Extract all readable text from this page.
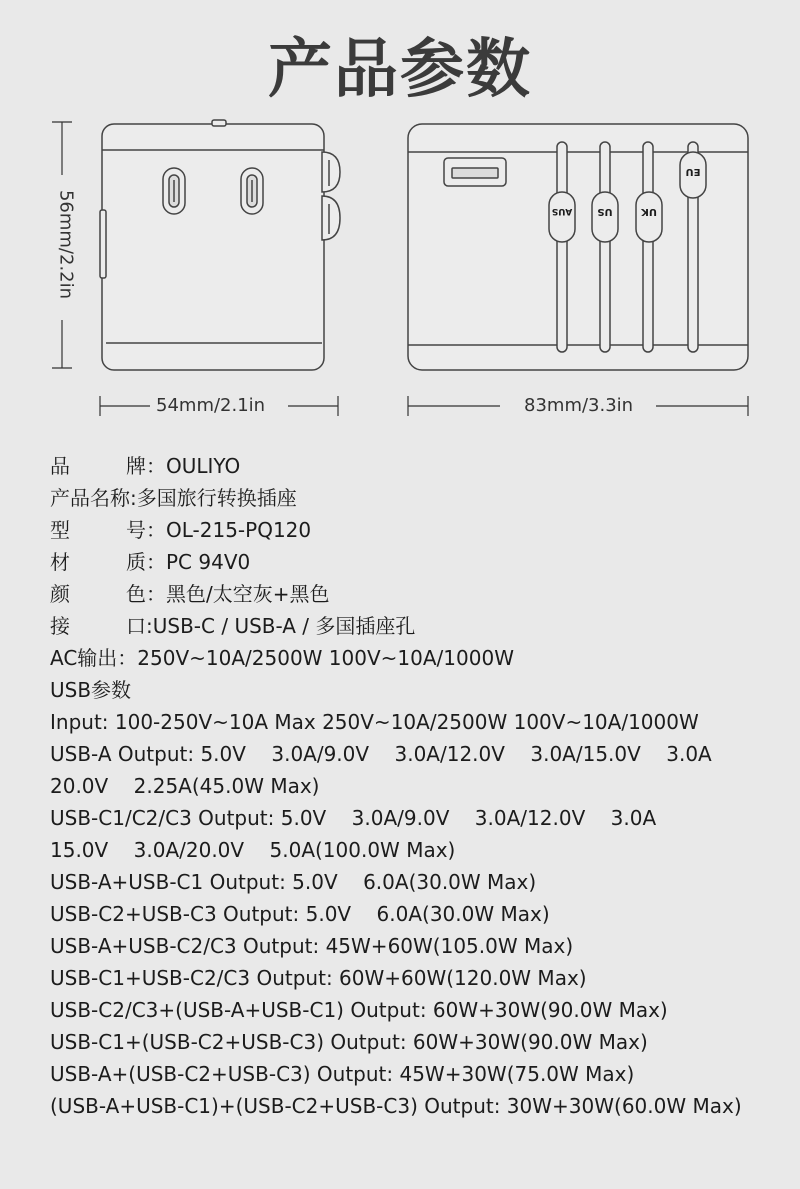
产品参数
AUS	US	UK
EU
56mm/2.2in
54mm/2.1in	83mm/3.3in
品	牌 ： OULIYO
产品名称: 多国旅行转换插座
型	号 ： OL-215-PQ120
材	质 ： PC 94V0
颜	色 ： 黑色/太空灰+黑色
接	口 : USB-C / USB-A / 多国插座孔
AC输出： 250V~10A/2500W 100V~10A/1000W
USB参数
Input: 100-250V~10A Max 250V~10A/2500W 100V~10A/1000W
USB-A Output: 5.0V    3.0A/9.0V    3.0A/12.0V    3.0A/15.0V    3.0A
20.0V    2.25A(45.0W Max)
USB-C1/C2/C3 Output: 5.0V    3.0A/9.0V    3.0A/12.0V    3.0A
15.0V    3.0A/20.0V    5.0A(100.0W Max)
USB-A+USB-C1 Output: 5.0V    6.0A(30.0W Max)
USB-C2+USB-C3 Output: 5.0V    6.0A(30.0W Max)
USB-A+USB-C2/C3 Output: 45W+60W(105.0W Max)
USB-C1+USB-C2/C3 Output: 60W+60W(120.0W Max)
USB-C2/C3+(USB-A+USB-C1) Output: 60W+30W(90.0W Max)
USB-C1+(USB-C2+USB-C3) Output: 60W+30W(90.0W Max)
USB-A+(USB-C2+USB-C3) Output: 45W+30W(75.0W Max)
(USB-A+USB-C1)+(USB-C2+USB-C3) Output: 30W+30W(60.0W Max)
